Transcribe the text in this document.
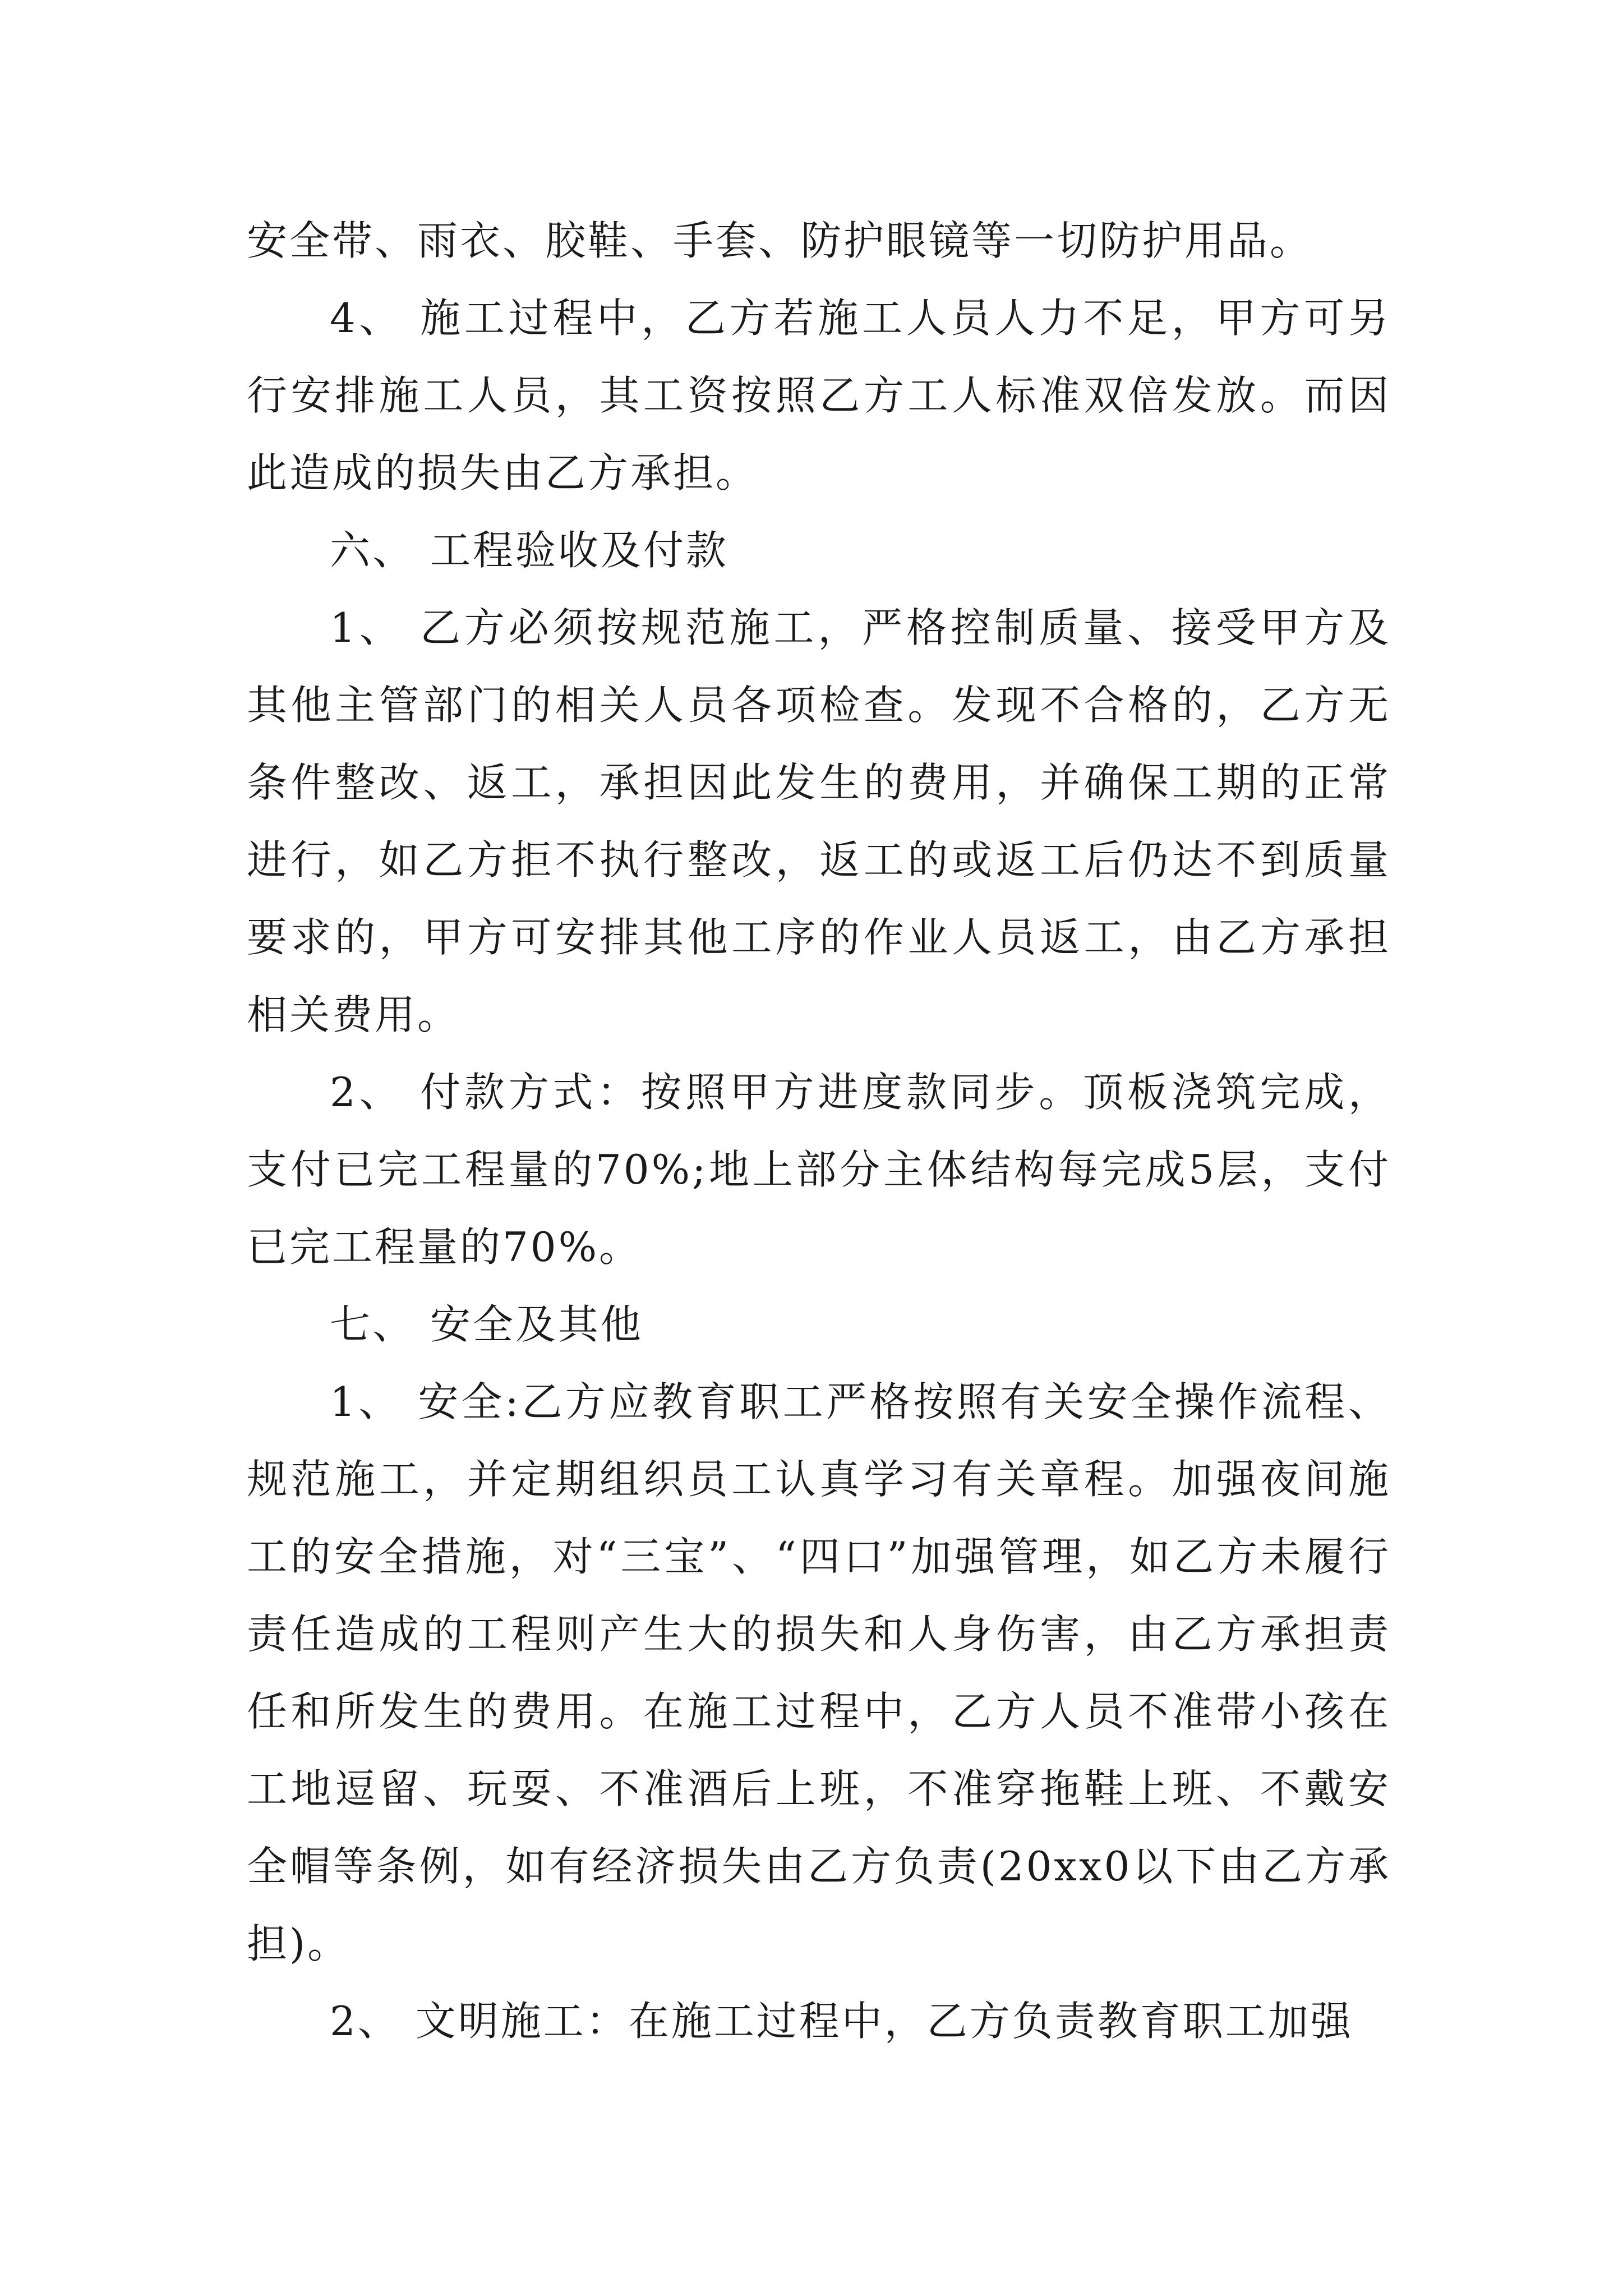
安全带、雨衣、胶鞋、手套、防护眼镜等一切防护用品。

4、 施工过程中，乙方若施工人员人力不足，甲方可另行安排施工人员，其工资按照乙方工人标准双倍发放。而因此造成的损失由乙方承担。

六、 工程验收及付款

1、 乙方必须按规范施工，严格控制质量、接受甲方及其他主管部门的相关人员各项检查。发现不合格的，乙方无条件整改、返工，承担因此发生的费用，并确保工期的正常进行，如乙方拒不执行整改，返工的或返工后仍达不到质量要求的，甲方可安排其他工序的作业人员返工，由乙方承担相关费用。

2、 付款方式：按照甲方进度款同步。顶板浇筑完成，支付已完工程量的70%;地上部分主体结构每完成5层，支付已完工程量的70%。

七、 安全及其他

1、 安全:乙方应教育职工严格按照有关安全操作流程、规范施工，并定期组织员工认真学习有关章程。加强夜间施工的安全措施，对“三宝”、“四口”加强管理，如乙方未履行责任造成的工程则产生大的损失和人身伤害，由乙方承担责任和所发生的费用。在施工过程中，乙方人员不准带小孩在工地逗留、玩耍、不准酒后上班，不准穿拖鞋上班、不戴安全帽等条例，如有经济损失由乙方负责(20xx0以下由乙方承担)。

2、 文明施工：在施工过程中，乙方负责教育职工加强
